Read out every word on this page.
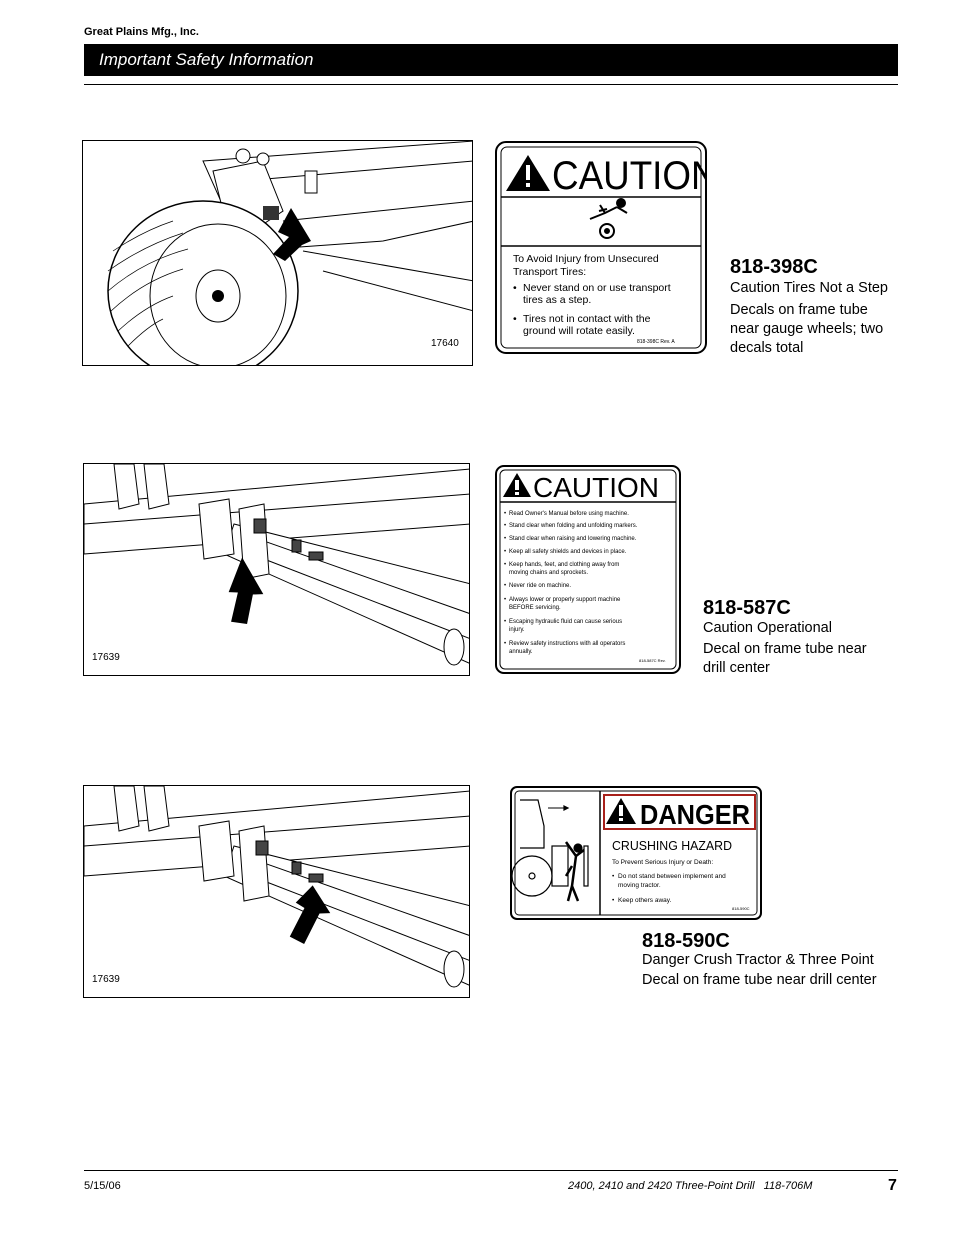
Great Plains Mfg., Inc.
Important Safety Information
17640
CAUTION
To Avoid Injury from Unsecured Transport Tires: • Never stand on or use transport tires as a step. • Tires not in contact with the ground will rotate easily.
818-398C Rev. A
818-398C
Caution Tires Not a Step
Decals on frame tube
near gauge wheels; two
decals total
17639
CAUTION
• Read Owner's Manual before using machine. • Stand clear when folding and unfolding markers. • Stand clear when raising and lowering machine. • Keep all safety shields and devices in place. • Keep hands, feet, and clothing away from moving chains and sprockets. • Never ride on machine. • Always lower or properly support machine BEFORE servicing. • Escaping hydraulic fluid can cause serious injury. • Review safety instructions with all operators annually.
818-587C Rev.
818-587C
Caution Operational
Decal on frame tube near
drill center
17639
DANGER
CRUSHING HAZARD
To Prevent Serious Injury or Death: • Do not stand between implement and moving tractor. • Keep others away.
818-590C
818-590C
Danger Crush Tractor & Three Point
Decal on frame tube near drill center
5/15/06	2400, 2410 and 2420 Three-Point Drill   118-706M	7
